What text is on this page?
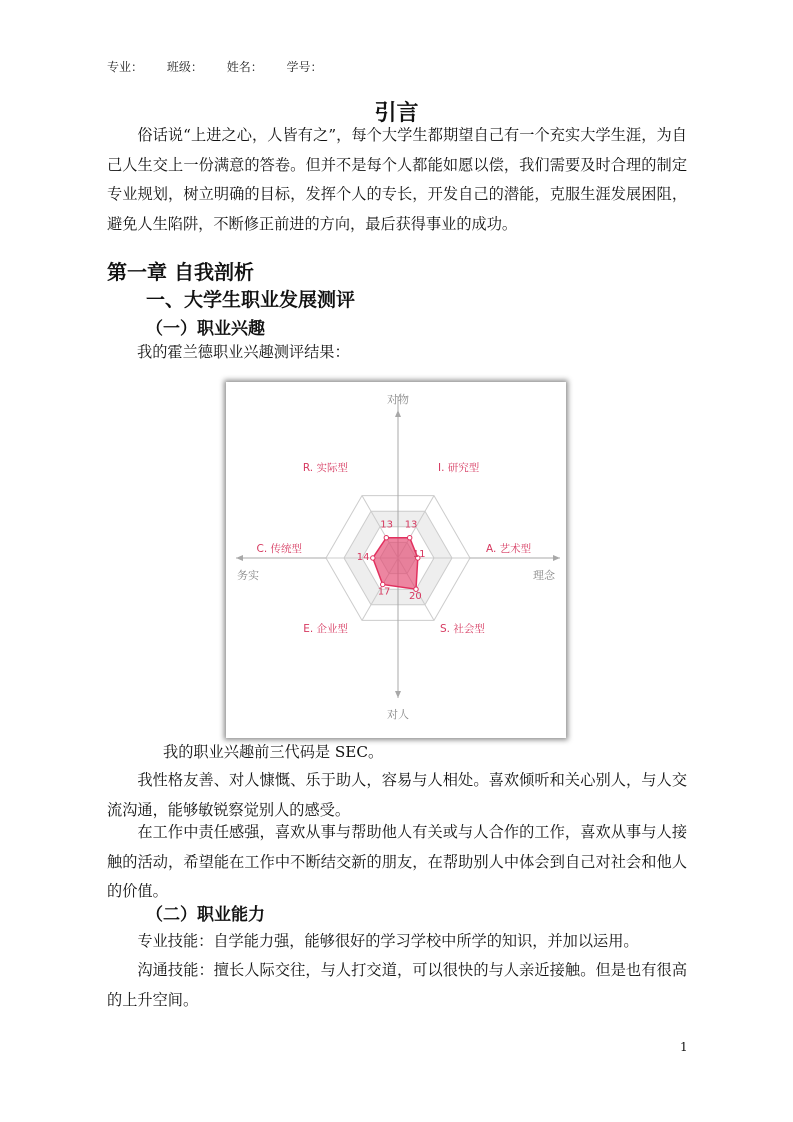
专业： 班级： 姓名： 学号：
引言

俗话说“上进之心，人皆有之”，每个大学生都期望自己有一个充实大学生涯，为自己人生交上一份满意的答卷。但并不是每个人都能如愿以偿，我们需要及时合理的制定专业规划，树立明确的目标，发挥个人的专长，开发自己的潜能，克服生涯发展困阻，避免人生陷阱，不断修正前进的方向，最后获得事业的成功。

第一章 自我剖析
一、大学生职业发展测评
（一）职业兴趣
我的霍兰德职业兴趣测评结果：
13
11
20
17
14
13
I. 研究型
A. 艺术型
S. 社会型
E. 企业型
C. 传统型
R. 实际型
对物
对人
务实	理念
我的职业兴趣前三代码是 SEC。

我性格友善、对人慷慨、乐于助人，容易与人相处。喜欢倾听和关心别人，与人交流沟通，能够敏锐察觉别人的感受。

在工作中责任感强，喜欢从事与帮助他人有关或与人合作的工作，喜欢从事与人接触的活动，希望能在工作中不断结交新的朋友，在帮助别人中体会到自己对社会和他人的价值。

（二）职业能力

专业技能：自学能力强，能够很好的学习学校中所学的知识，并加以运用。

沟通技能：擅长人际交往，与人打交道，可以很快的与人亲近接触。但是也有很高的上升空间。

1
